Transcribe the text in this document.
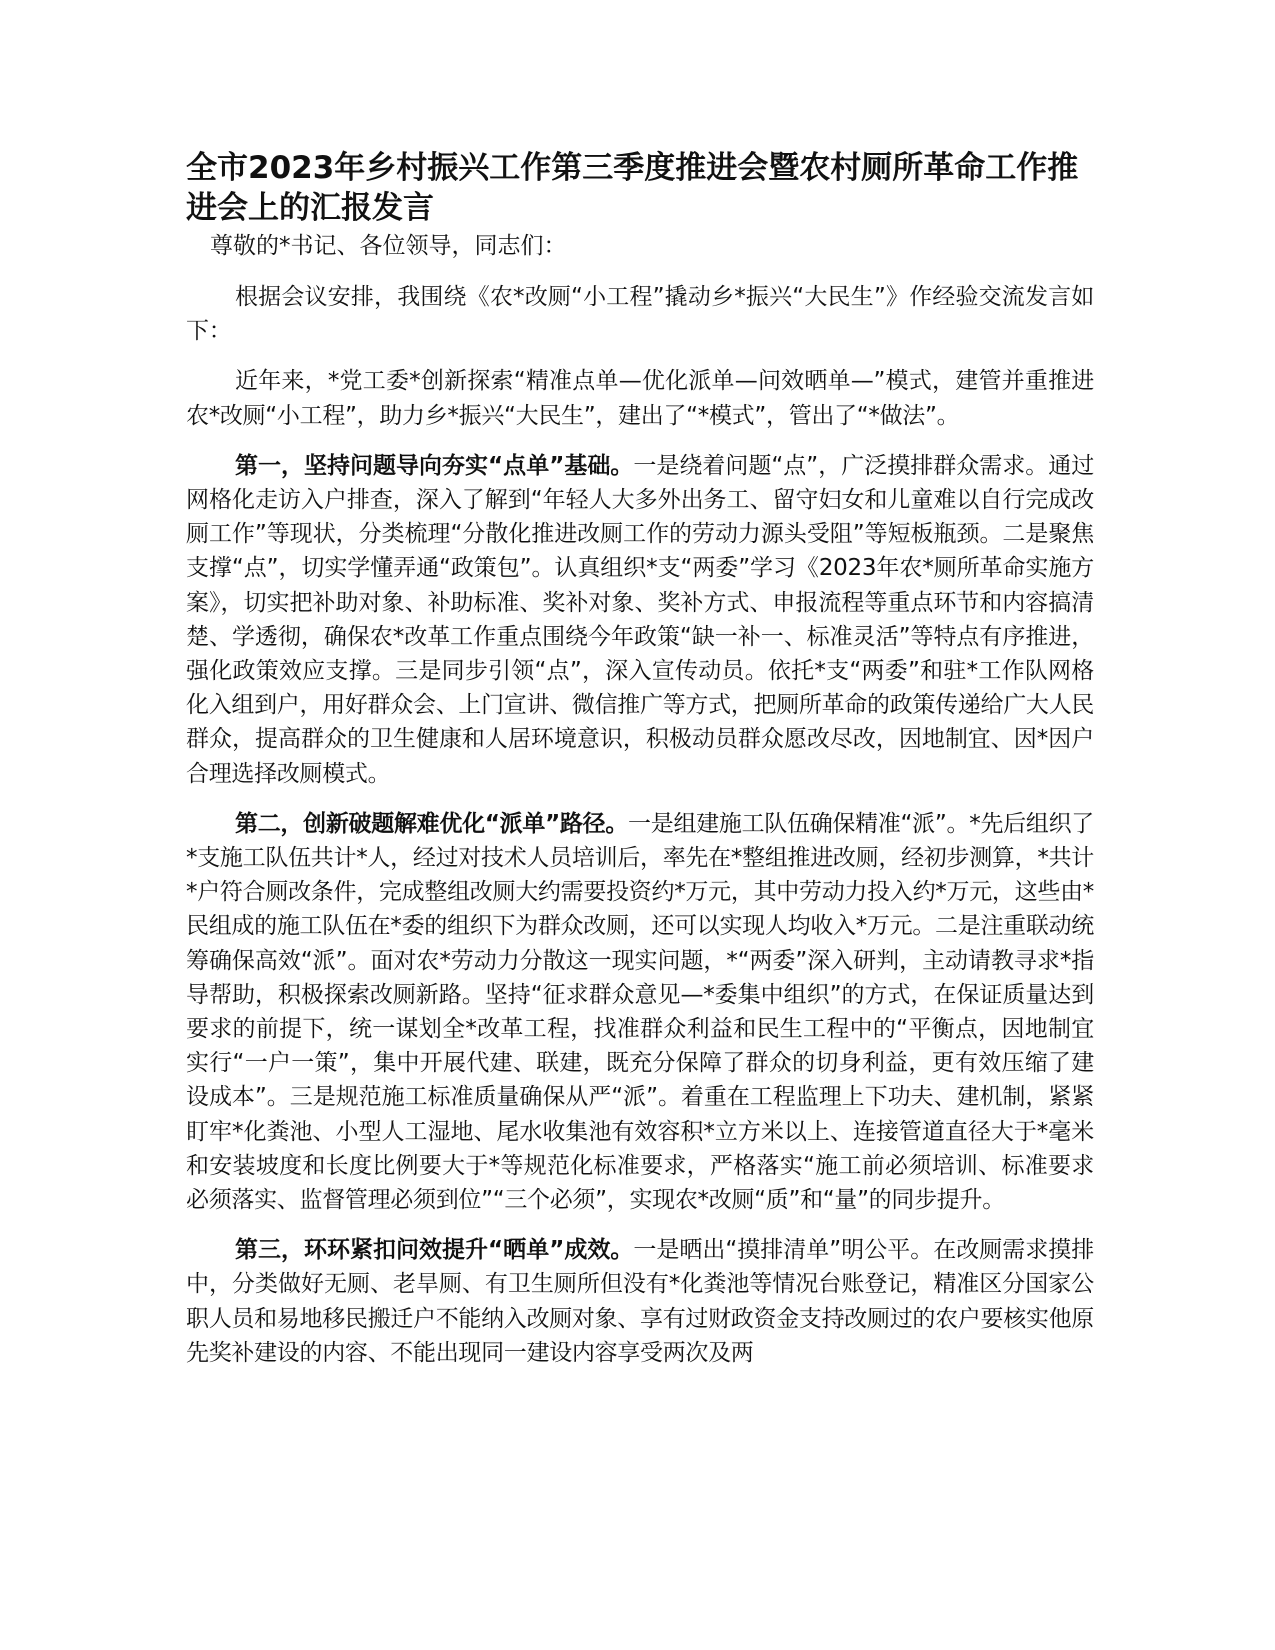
全市2023年乡村振兴工作第三季度推进会暨农村厕所革命工作推进会上的汇报发言
尊敬的*书记、各位领导，同志们：

根据会议安排，我围绕《农*改厕“小工程”撬动乡*振兴“大民生”》作经验交流发言如下：

近年来，*党工委*创新探索“精准点单—优化派单—问效晒单—”模式，建管并重推进农*改厕“小工程”，助力乡*振兴“大民生”，建出了“*模式”，管出了“*做法”。

第一，坚持问题导向夯实“点单”基础。一是绕着问题“点”，广泛摸排群众需求。通过网格化走访入户排查，深入了解到“年轻人大多外出务工、留守妇女和儿童难以自行完成改厕工作”等现状，分类梳理“分散化推进改厕工作的劳动力源头受阻”等短板瓶颈。二是聚焦支撑“点”，切实学懂弄通“政策包”。认真组织*支“两委”学习《2023年农*厕所革命实施方案》，切实把补助对象、补助标准、奖补对象、奖补方式、申报流程等重点环节和内容搞清楚、学透彻，确保农*改革工作重点围绕今年政策“缺一补一、标准灵活”等特点有序推进，强化政策效应支撑。三是同步引领“点”，深入宣传动员。依托*支“两委”和驻*工作队网格化入组到户，用好群众会、上门宣讲、微信推广等方式，把厕所革命的政策传递给广大人民群众，提高群众的卫生健康和人居环境意识，积极动员群众愿改尽改，因地制宜、因*因户合理选择改厕模式。

第二，创新破题解难优化“派单”路径。一是组建施工队伍确保精准“派”。*先后组织了*支施工队伍共计*人，经过对技术人员培训后，率先在*整组推进改厕，经初步测算，*共计*户符合厕改条件，完成整组改厕大约需要投资约*万元，其中劳动力投入约*万元，这些由*民组成的施工队伍在*委的组织下为群众改厕，还可以实现人均收入*万元。二是注重联动统筹确保高效“派”。面对农*劳动力分散这一现实问题，*“两委”深入研判，主动请教寻求*指导帮助，积极探索改厕新路。坚持“征求群众意见—*委集中组织”的方式，在保证质量达到要求的前提下，统一谋划全*改革工程，找准群众利益和民生工程中的“平衡点，因地制宜实行“一户一策”，集中开展代建、联建，既充分保障了群众的切身利益，更有效压缩了建设成本”。三是规范施工标准质量确保从严“派”。着重在工程监理上下功夫、建机制，紧紧盯牢*化粪池、小型人工湿地、尾水收集池有效容积*立方米以上、连接管道直径大于*毫米和安装坡度和长度比例要大于*等规范化标准要求，严格落实“施工前必须培训、标准要求必须落实、监督管理必须到位”“三个必须”，实现农*改厕“质”和“量”的同步提升。

第三，环环紧扣问效提升“晒单”成效。一是晒出“摸排清单”明公平。在改厕需求摸排中，分类做好无厕、老旱厕、有卫生厕所但没有*化粪池等情况台账登记，精准区分国家公职人员和易地移民搬迁户不能纳入改厕对象、享有过财政资金支持改厕过的农户要核实他原先奖补建设的内容、不能出现同一建设内容享受两次及两
